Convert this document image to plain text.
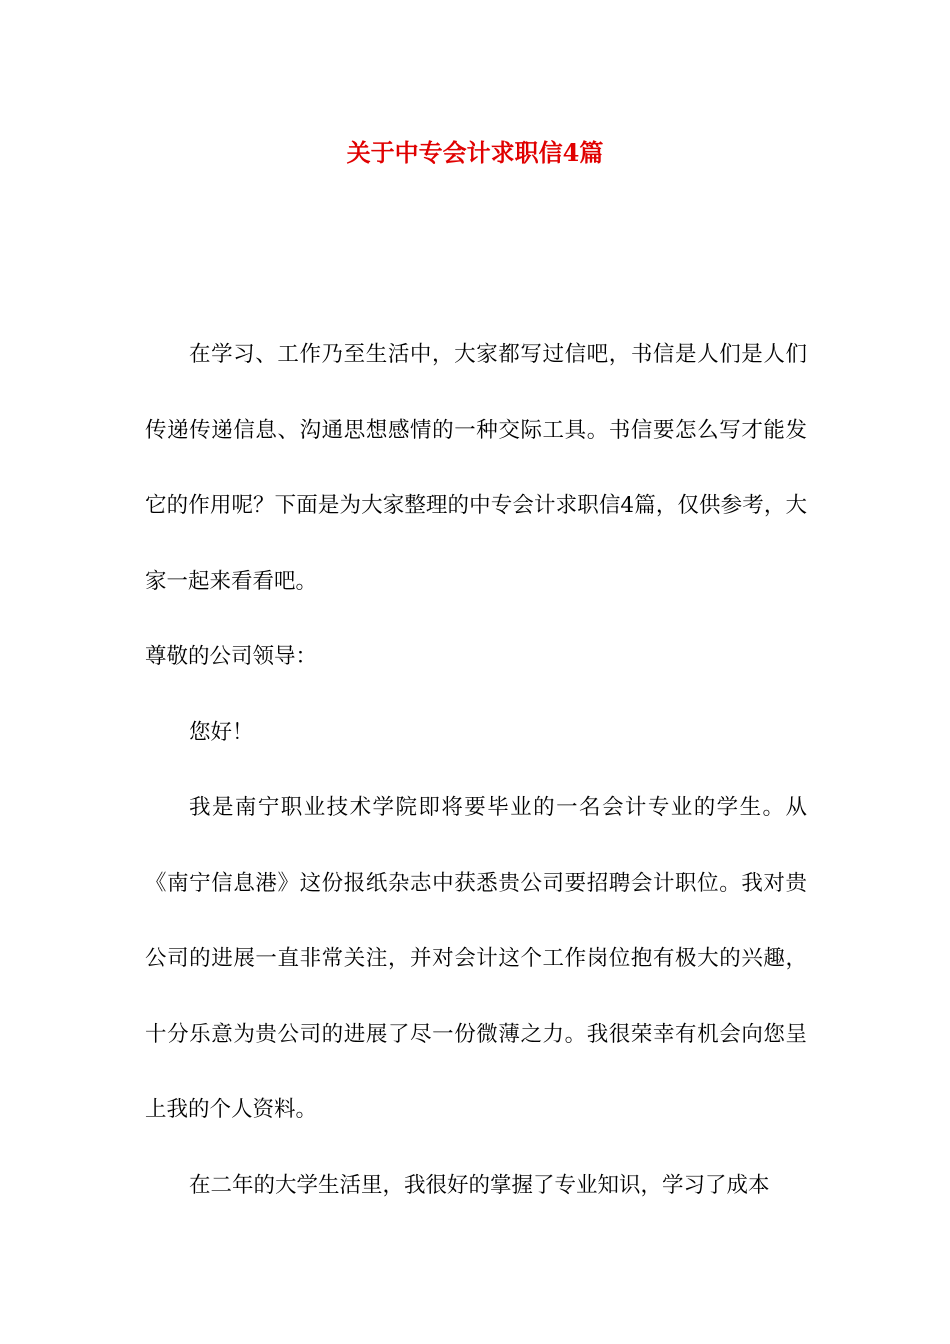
关于中专会计求职信4篇

在学习、工作乃至生活中，大家都写过信吧，书信是人们是人们传递传递信息、沟通思想感情的一种交际工具。书信要怎么写才能发它的作用呢？下面是为大家整理的中专会计求职信4篇，仅供参考，大家一起来看看吧。

尊敬的公司领导：

您好！

我是南宁职业技术学院即将要毕业的一名会计专业的学生。从《南宁信息港》这份报纸杂志中获悉贵公司要招聘会计职位。我对贵公司的进展一直非常关注，并对会计这个工作岗位抱有极大的兴趣，十分乐意为贵公司的进展了尽一份微薄之力。我很荣幸有机会向您呈上我的个人资料。

在二年的大学生活里，我很好的掌握了专业知识，学习了成本
